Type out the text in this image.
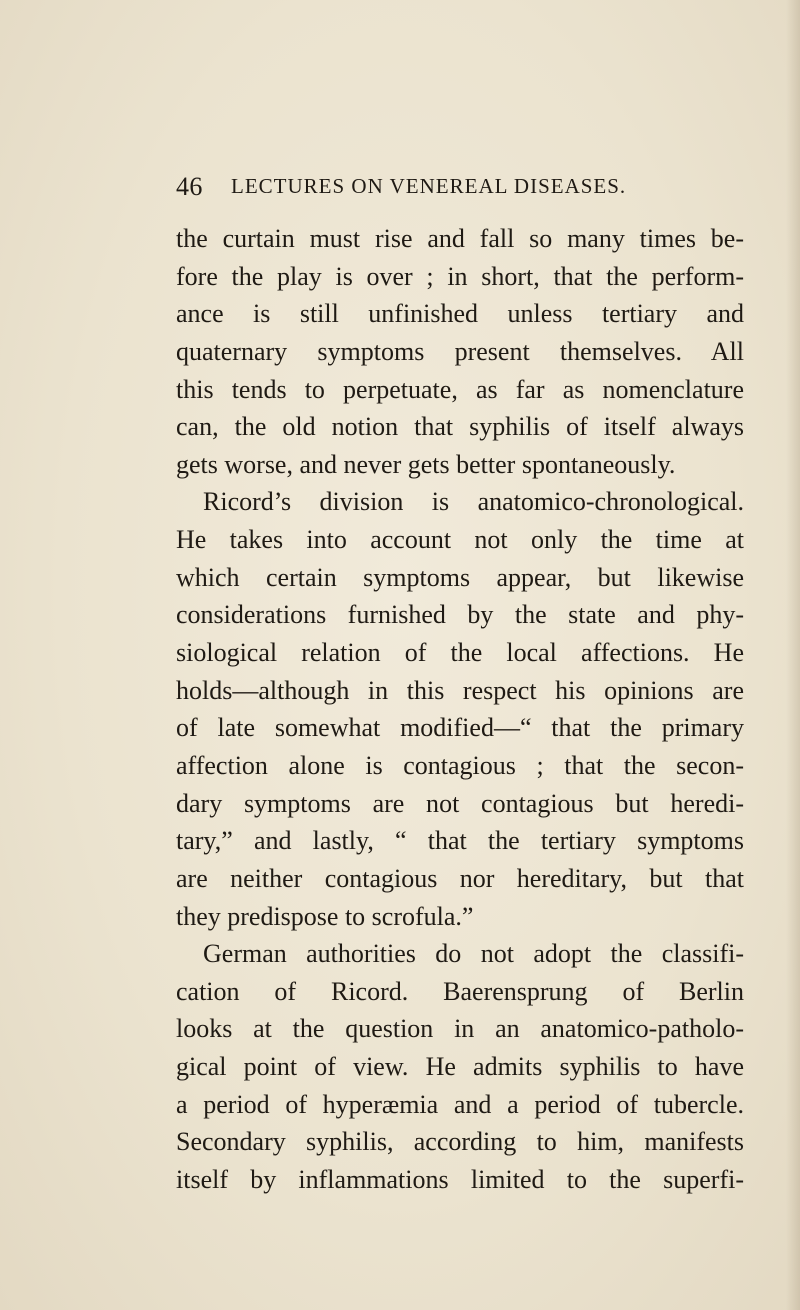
46 LECTURES ON VENEREAL DISEASES.
the curtain must rise and fall so many times be-
fore the play is over ; in short, that the perform-
ance is still unfinished unless tertiary and
quaternary symptoms present themselves. All
this tends to perpetuate, as far as nomenclature
can, the old notion that syphilis of itself always
gets worse, and never gets better spontaneously.
Ricord’s division is anatomico-chronological.
He takes into account not only the time at
which certain symptoms appear, but likewise
considerations furnished by the state and phy-
siological relation of the local affections. He
holds—although in this respect his opinions are
of late somewhat modified—“ that the primary
affection alone is contagious ; that the secon-
dary symptoms are not contagious but heredi-
tary,” and lastly, “ that the tertiary symptoms
are neither contagious nor hereditary, but that
they predispose to scrofula.”
German authorities do not adopt the classifi-
cation of Ricord. Baerensprung of Berlin
looks at the question in an anatomico-patholo-
gical point of view. He admits syphilis to have
a period of hyperæmia and a period of tubercle.
Secondary syphilis, according to him, manifests
itself by inflammations limited to the superfi-
